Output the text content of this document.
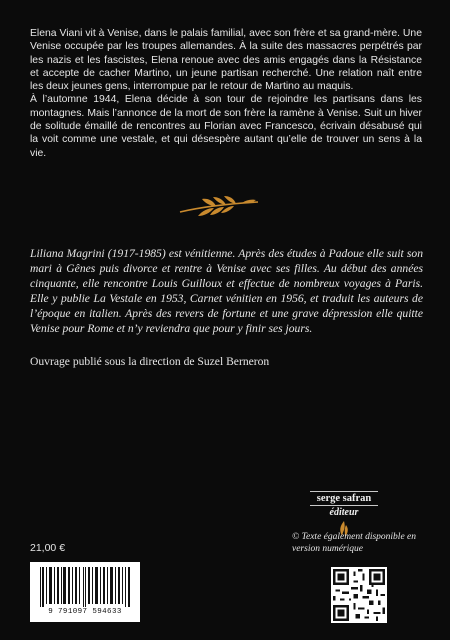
Elena Viani vit à Venise, dans le palais familial, avec son frère et sa grand-mère. Une Venise occupée par les troupes allemandes. À la suite des massacres perpétrés par les nazis et les fascistes, Elena renoue avec des amis engagés dans la Résistance et accepte de cacher Martino, un jeune partisan recherché. Une relation naît entre les deux jeunes gens, interrompue par le retour de Martino au maquis.

À l’automne 1944, Elena décide à son tour de rejoindre les partisans dans les montagnes. Mais l’annonce de la mort de son frère la ramène à Venise. Suit un hiver de solitude émaillé de rencontres au Florian avec Francesco, écrivain désabusé qui la voit comme une vestale, et qui désespère autant qu’elle de trouver un sens à la vie.

Liliana Magrini (1917-1985) est vénitienne. Après des études à Padoue elle suit son mari à Gênes puis divorce et rentre à Venise avec ses filles. Au début des années cinquante, elle rencontre Louis Guilloux et effectue de nombreux voyages à Paris. Elle y publie La Vestale en 1953, Carnet vénitien en 1956, et traduit les auteurs de l’époque en italien. Après des revers de fortune et une grave dépression elle quitte Venise pour Rome et n’y reviendra que pour y finir ses jours.

Ouvrage publié sous la direction de Suzel Berneron

serge safran
éditeur
21,00 €
9 791097 594633
© Texte également disponible en version numérique
